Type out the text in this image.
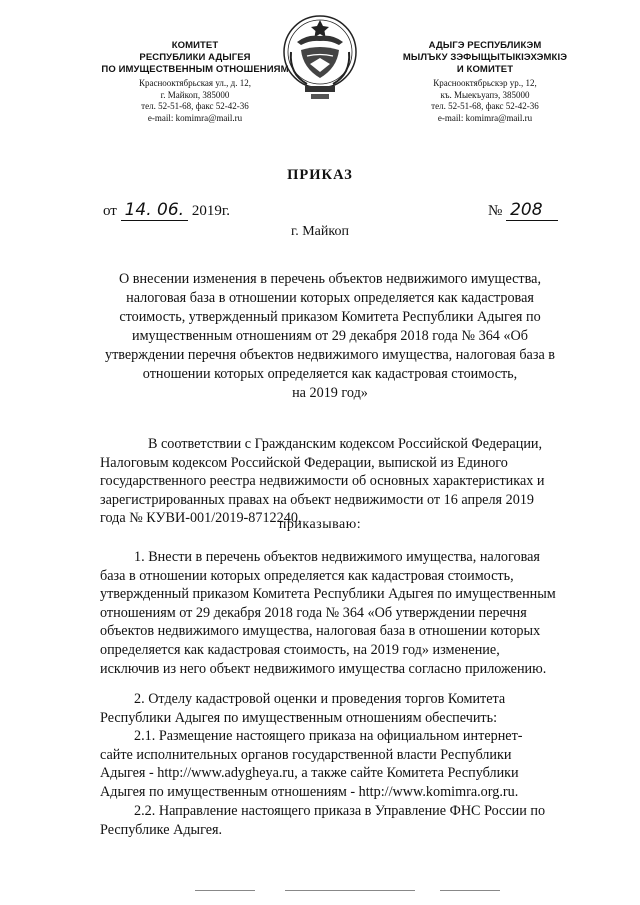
КОМИТЕТ
РЕСПУБЛИКИ АДЫГЕЯ
ПО ИМУЩЕСТВЕННЫМ ОТНОШЕНИЯМ
Краснооктябрьская ул., д. 12,
г. Майкоп, 385000
тел. 52-51-68, факс 52-42-36
e-mail: komimra@mail.ru
АДЫГЭ РЕСПУБЛИКЭМ
МЫЛЪКУ ЗЭФЫЩЫТЫКІЭХЭМКІЭ
И КОМИТЕТ
Краснооктябрьскэр ур., 12,
къ. Мыекъуапэ, 385000
тел. 52-51-68, факс 52-42-36
e-mail: komimra@mail.ru
ПРИКАЗ
от 14. 06. 2019г.	№ 208
г. Майкоп
О внесении изменения в перечень объектов недвижимого имущества,
налоговая база в отношении которых определяется как кадастровая
стоимость, утвержденный приказом Комитета Республики Адыгея по
имущественным отношениям от 29 декабря 2018 года № 364 «Об
утверждении перечня объектов недвижимого имущества, налоговая база в
отношении которых определяется как кадастровая стоимость,
на 2019 год»
В соответствии с Гражданским кодексом Российской Федерации,
Налоговым кодексом Российской Федерации, выпиской из Единого
государственного реестра недвижимости об основных характеристиках и
зарегистрированных правах на объект недвижимости от 16 апреля 2019
года № КУВИ-001/2019-8712240,
приказываю:
1. Внести в перечень объектов недвижимого имущества, налоговая
база в отношении которых определяется как кадастровая стоимость,
утвержденный приказом Комитета Республики Адыгея по имущественным
отношениям от 29 декабря 2018 года № 364 «Об утверждении перечня
объектов недвижимого имущества, налоговая база в отношении которых
определяется как кадастровая стоимость, на 2019 год» изменение,
исключив из него объект недвижимого имущества согласно приложению.
2. Отделу кадастровой оценки и проведения торгов Комитета
Республики Адыгея по имущественным отношениям обеспечить:
2.1. Размещение настоящего приказа на официальном интернет-
сайте исполнительных органов государственной власти Республики
Адыгея - http://www.adygheya.ru, а также сайте Комитета Республики
Адыгея по имущественным отношениям - http://www.komimra.org.ru.
2.2. Направление настоящего приказа в Управление ФНС России по
Республике Адыгея.
